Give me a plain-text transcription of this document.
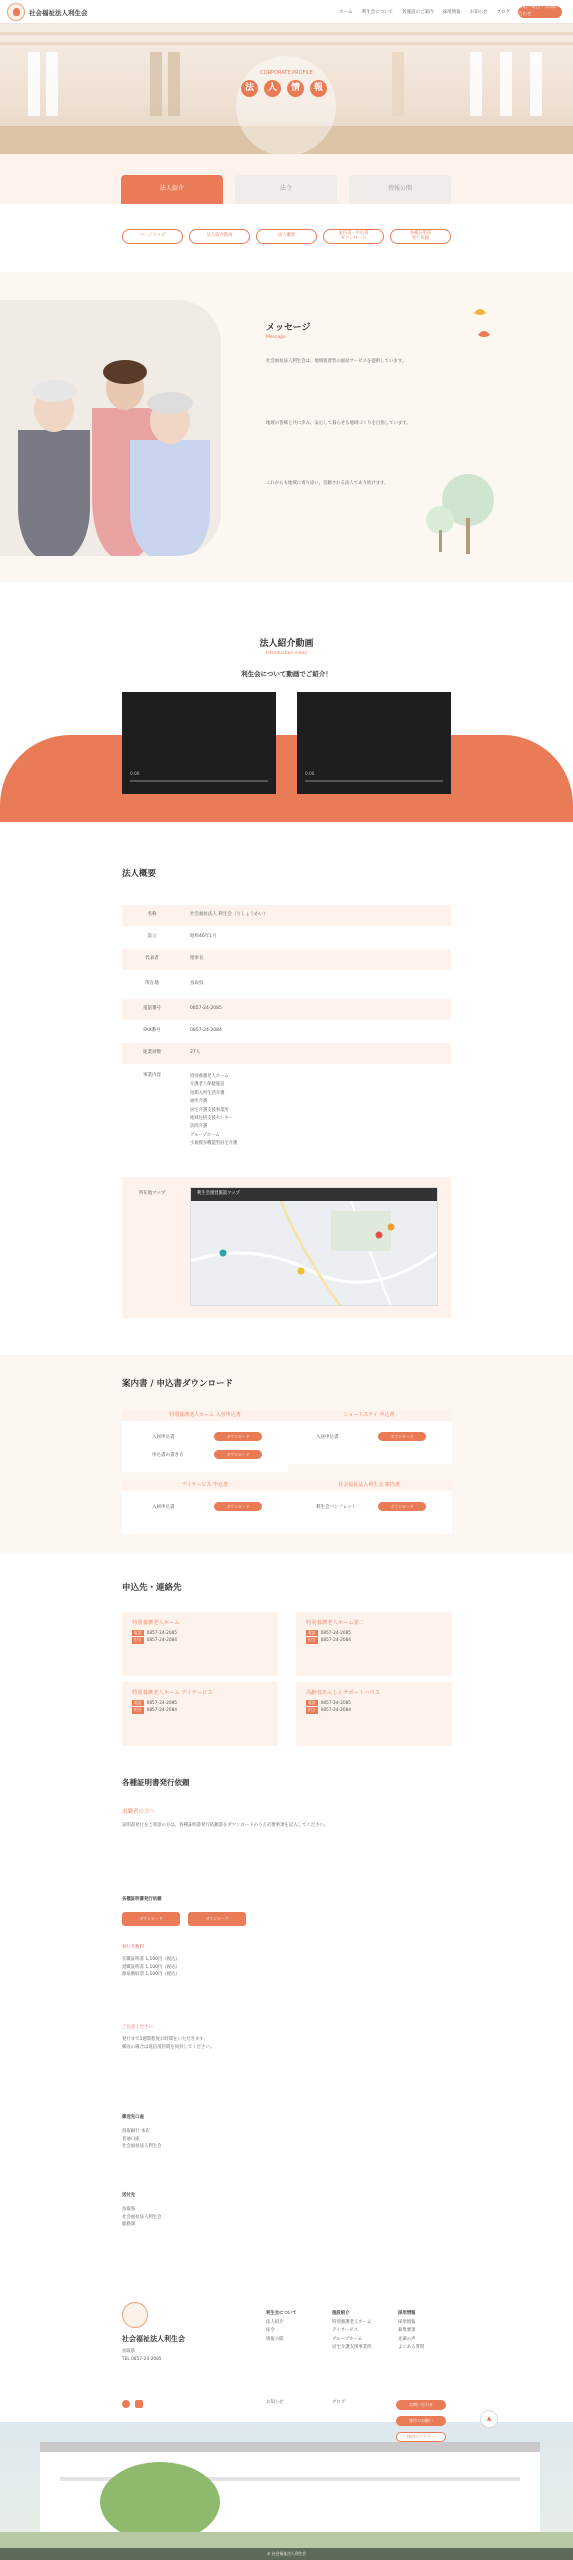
社会福祉法人利生会	ホーム 利生会について 各施設のご案内 採用情報 お知らせ ブログ
採用・寄付・お問い合わせ
CORPORATE PROFILE
法	人	情	報
法人紹介	法令	情報公開
ページトップ	法人紹介動画	法人概要	案内書・申込書
ダウンロード
各種証明書
発行依頼
メッセージ
Message
社会福祉法人利生会は、地域密着型の福祉サービスを提供しています。
地域の皆様と共に歩み、安心して暮らせる地域づくりを目指しています。
これからも地域に寄り添い、信頼される法人であり続けます。
法人紹介動画
Introduction video
利生会について動画でご紹介！
0:00	0:00
法人概要
名称	社会福祉法人 利生会（りしょうかい）
設立	昭和46年1月
代表者	理事長
所在地	鳥取県
電話番号	0857-24-2085
FAX番号	0857-24-2084
従業員数	27人
事業内容	特別養護老人ホーム
介護老人保健施設
短期入所生活介護
通所介護
居宅介護支援事業所
地域包括支援センター
訪問介護
グループホーム
小規模多機能型居宅介護
所在地マップ	利生会運営施設マップ
案内書 / 申込書ダウンロード
特別養護老人ホーム 入居申込書
入居申込書	ダウンロード
申込書の書き方	ダウンロード
ショートステイ 申込書
入居申込書	ダウンロード
デイサービス 申込書
入居申込書	ダウンロード
社会福祉法人利生会 案内書
利生会パンフレット	ダウンロード
申込先・連絡先
特別養護老人ホーム
電話 0857-24-2085
担当 0857-24-2084
特別養護老人ホーム第二
電話 0857-24-2085
担当 0857-24-2084
特別養護老人ホーム デイサービス
電話 0857-24-2085
担当 0857-24-2084
高齢者あんしんサポートハウス
電話 0857-24-2085
担当 0857-24-2084
各種証明書発行依頼
退職者の方へ
証明書発行をご希望の方は、各種証明書発行依頼書をダウンロードのうえ必要事項を記入してください。
各種証明書発行依頼
ダウンロード	ダウンロード
発行手数料
在職証明書 1,100円（税込）
退職証明書 1,100円（税込）
源泉徴収票 1,100円（税込）
ご注意ください
発行まで1週間程度お時間をいただきます。
郵送の場合は返信用封筒を同封してください。
郵送先口座
鳥取銀行 本店
普通口座
社会福祉法人利生会
送付先
鳥取県
社会福祉法人利生会
総務課
社会福祉法人利生会
鳥取県
TEL 0857-24-2085
利生会について
法人紹介
法令
情報公開
施設紹介
特別養護老人ホーム
デイサービス
グループホーム
居宅介護支援事業所
採用情報
採用情報
募集要項
先輩の声
よくある質問
お知らせ	ブログ	お問い合わせ
寄付のお願い
採用エントリー
▲
© 社会福祉法人利生会
